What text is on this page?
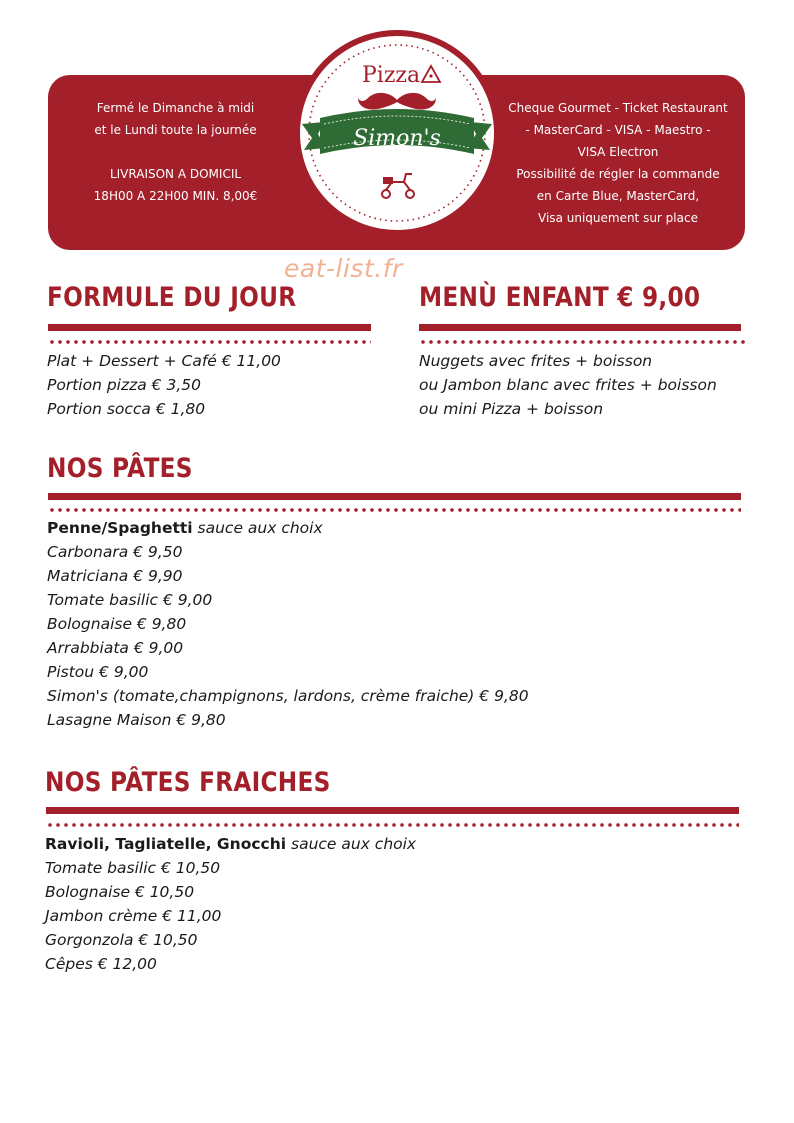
Fermé le Dimanche à midi
et le Lundi toute la journée

LIVRAISON A DOMICIL
18H00 A 22H00 MIN. 8,00€
Cheque Gourmet - Ticket Restaurant
- MasterCard - VISA - Maestro -
VISA Electron
Possibilité de régler la commande
en Carte Blue, MasterCard,
Visa uniquement sur place
Pizza
Simon's
eat-list.fr
FORMULE DU JOUR
Plat + Dessert + Café € 11,00
Portion pizza € 3,50
Portion socca € 1,80
MENÙ ENFANT € 9,00
Nuggets avec frites + boisson
ou Jambon blanc avec frites + boisson
ou mini Pizza + boisson
NOS PÂTES
Penne/Spaghetti sauce aux choix
Carbonara € 9,50
Matriciana € 9,90
Tomate basilic € 9,00
Bolognaise € 9,80
Arrabbiata € 9,00
Pistou € 9,00
Simon's (tomate,champignons, lardons, crème fraiche) € 9,80
Lasagne Maison € 9,80
NOS PÂTES FRAICHES
Ravioli, Tagliatelle, Gnocchi sauce aux choix
Tomate basilic € 10,50
Bolognaise € 10,50
Jambon crème € 11,00
Gorgonzola € 10,50
Cêpes € 12,00
